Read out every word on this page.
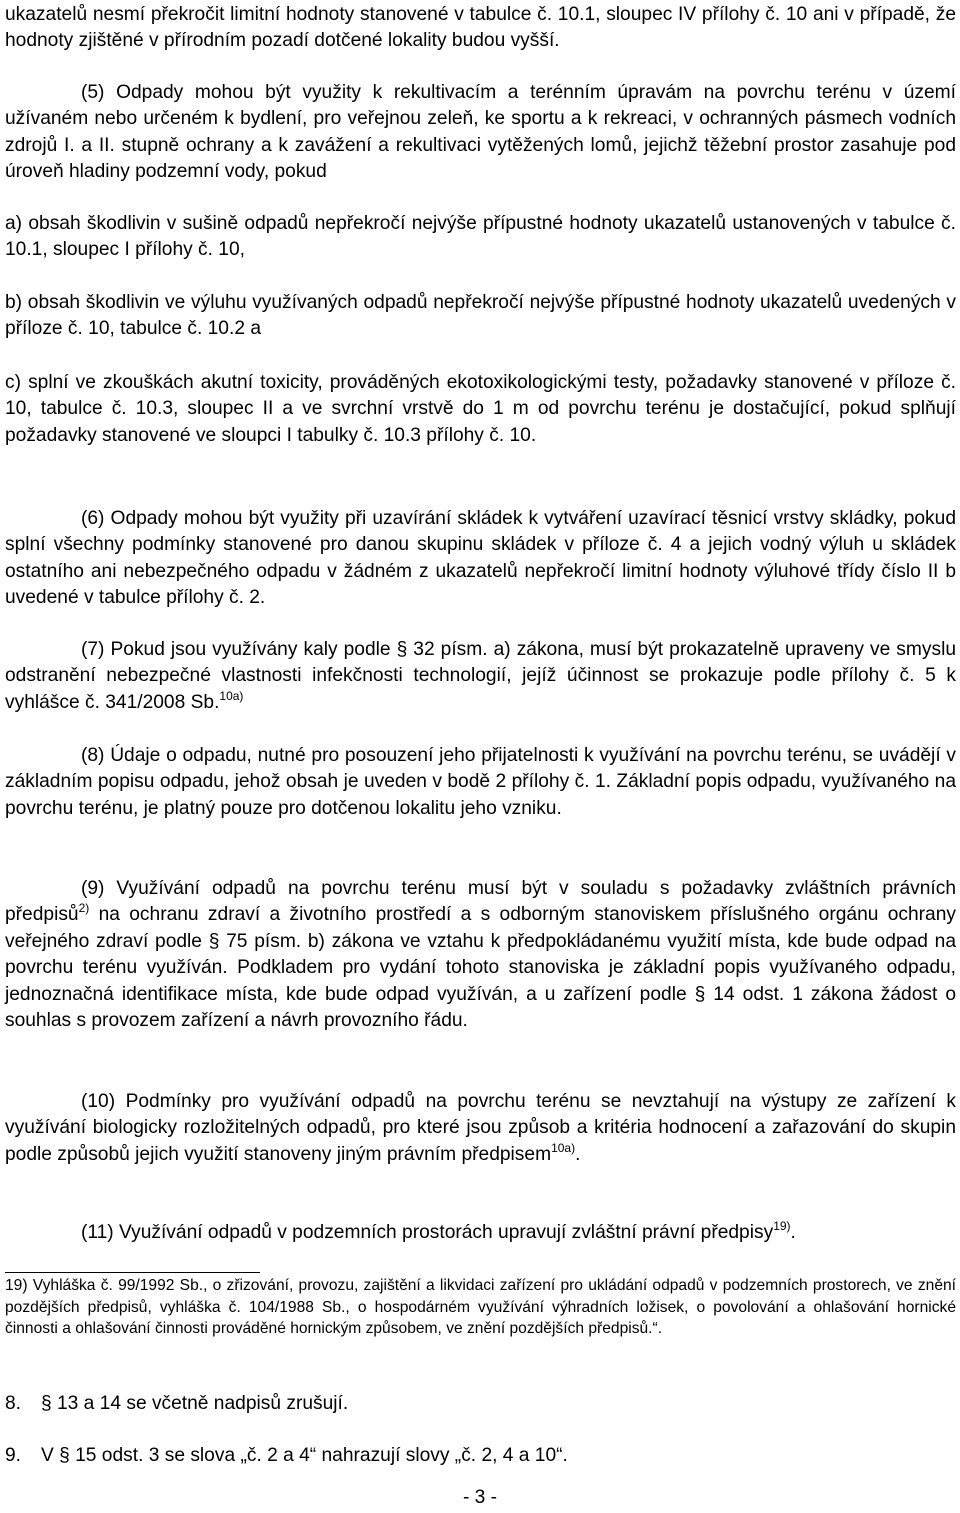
ukazatelů nesmí překročit limitní hodnoty stanovené v tabulce č. 10.1, sloupec IV přílohy č. 10 ani v případě, že hodnoty zjištěné v přírodním pozadí dotčené lokality budou vyšší.

(5) Odpady mohou být využity k rekultivacím a terénním úpravám na povrchu terénu v území užívaném nebo určeném k bydlení, pro veřejnou zeleň, ke sportu a k rekreaci, v ochranných pásmech vodních zdrojů I. a II. stupně ochrany a k zavážení a rekultivaci vytěžených lomů, jejichž těžební prostor zasahuje pod úroveň hladiny podzemní vody, pokud

a) obsah škodlivin v sušině odpadů nepřekročí nejvýše přípustné hodnoty ukazatelů ustanovených v tabulce č. 10.1, sloupec I přílohy č. 10,

b) obsah škodlivin ve výluhu využívaných odpadů nepřekročí nejvýše přípustné hodnoty ukazatelů uvedených v příloze č. 10, tabulce č. 10.2 a

c) splní ve zkouškách akutní toxicity, prováděných ekotoxikologickými testy, požadavky stanovené v příloze č. 10, tabulce č. 10.3, sloupec II a ve svrchní vrstvě do 1 m od povrchu terénu je dostačující, pokud splňují požadavky stanovené ve sloupci I tabulky č. 10.3 přílohy č. 10.

(6) Odpady mohou být využity při uzavírání skládek k vytváření uzavírací těsnicí vrstvy skládky, pokud splní všechny podmínky stanovené pro danou skupinu skládek v příloze č. 4 a jejich vodný výluh u skládek ostatního ani nebezpečného odpadu v žádném z ukazatelů nepřekročí limitní hodnoty výluhové třídy číslo II b uvedené v tabulce přílohy č. 2.

(7) Pokud jsou využívány kaly podle § 32 písm. a) zákona, musí být prokazatelně upraveny ve smyslu odstranění nebezpečné vlastnosti infekčnosti technologií, jejíž účinnost se prokazuje podle přílohy č. 5 k vyhlášce č. 341/2008 Sb.$^{10a)}$

(8) Údaje o odpadu, nutné pro posouzení jeho přijatelnosti k využívání na povrchu terénu, se uvádějí v základním popisu odpadu, jehož obsah je uveden v bodě 2 přílohy č. 1. Základní popis odpadu, využívaného na povrchu terénu, je platný pouze pro dotčenou lokalitu jeho vzniku.

(9) Využívání odpadů na povrchu terénu musí být v souladu s požadavky zvláštních právních předpisů$^{2)}$ na ochranu zdraví a životního prostředí a s odborným stanoviskem příslušného orgánu ochrany veřejného zdraví podle § 75 písm. b) zákona ve vztahu k předpokládanému využití místa, kde bude odpad na povrchu terénu využíván. Podkladem pro vydání tohoto stanoviska je základní popis využívaného odpadu, jednoznačná identifikace místa, kde bude odpad využíván, a u zařízení podle § 14 odst. 1 zákona žádost o souhlas s provozem zařízení a návrh provozního řádu.

(10) Podmínky pro využívání odpadů na povrchu terénu se nevztahují na výstupy ze zařízení k využívání biologicky rozložitelných odpadů, pro které jsou způsob a kritéria hodnocení a zařazování do skupin podle způsobů jejich využití stanoveny jiným právním předpisem$^{10a)}$.

(11) Využívání odpadů v podzemních prostorách upravují zvláštní právní předpisy$^{19)}$.

19) Vyhláška č. 99/1992 Sb., o zřizování, provozu, zajištění a likvidaci zařízení pro ukládání odpadů v podzemních prostorech, ve znění pozdějších předpisů, vyhláška č. 104/1988 Sb., o hospodárném využívání výhradních ložisek, o povolování a ohlašování hornické činnosti a ohlašování činnosti prováděné hornickým způsobem, ve znění pozdějších předpisů.“.

8. § 13 a 14 se včetně nadpisů zrušují.

9. V § 15 odst. 3 se slova „č. 2 a 4“ nahrazují slovy „č. 2, 4 a 10“.

- 3 -
